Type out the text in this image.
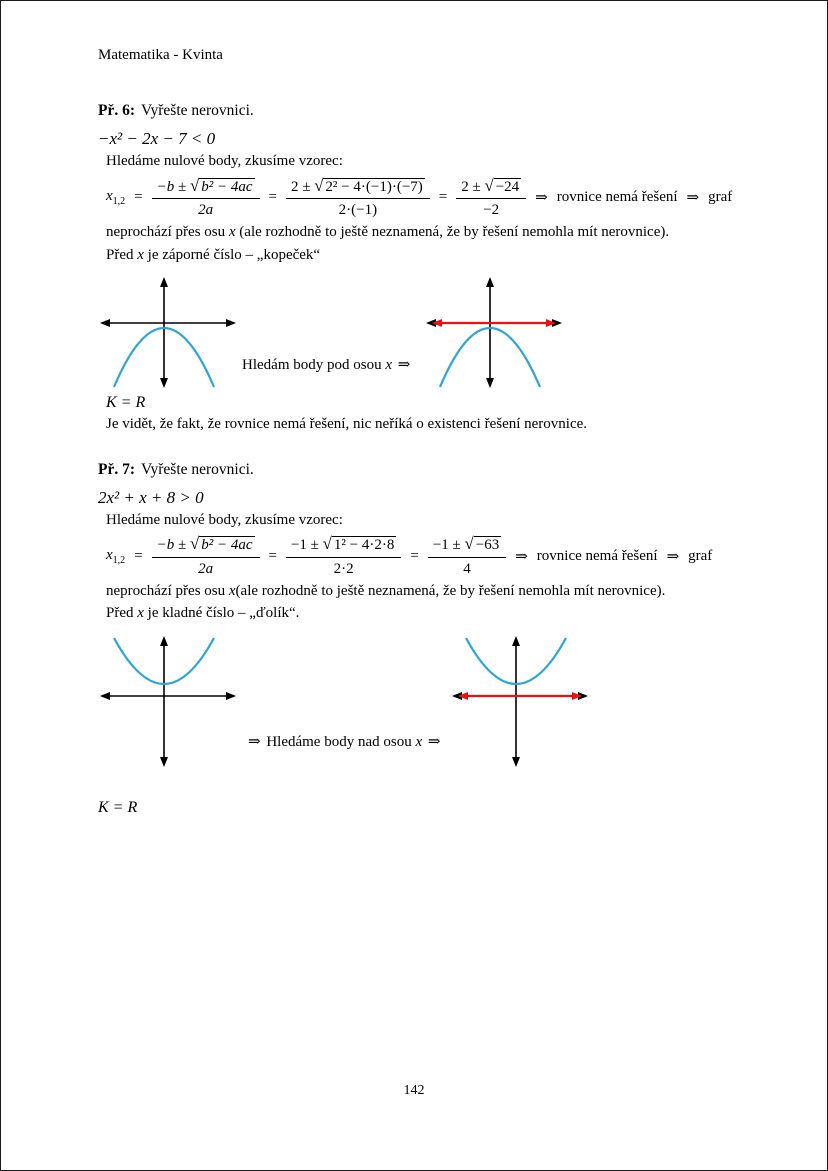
Matematika - Kvinta
Př. 6: Vyřešte nerovnici.
−x² − 2x − 7 < 0
Hledáme nulové body, zkusíme vzorec:
$x_{1,2} = \frac{\text{−b ± √ b² − 4ac}}{2a} = \frac{\text{2 ± √ 2² − 4·(−1)·(−7)}}{2\cdot(-1)} = \frac{2 \pm √ -24}{-2}$ ⇒ rovnice nemá řešení ⇒ graf
neprochází přes osu x (ale rozhodně to ještě neznamená, že by řešení nemohla mít nerovnice).
Před x je záporné číslo – „kopeček“
Hledám body pod osou x ⇒
K = R
Je vidět, že fakt, že rovnice nemá řešení, nic neříká o existenci řešení nerovnice.
Př. 7: Vyřešte nerovnici.
2x² + x + 8 > 0
Hledáme nulové body, zkusíme vzorec:
$x_{1,2} = \frac{\text{−b ± √ b² − 4ac}}{2a} = \frac{\text{−1 ± √ 1² − 4·2·8}}{2\cdot 2} = \frac{-1 \pm √ -63}{4}$ ⇒ rovnice nemá řešení ⇒ graf
neprochází přes osu x(ale rozhodně to ještě neznamená, že by řešení nemohla mít nerovnice).
Před x je kladné číslo – „ďolík“.
⇒ Hledáme body nad osou x ⇒
K = R
142
